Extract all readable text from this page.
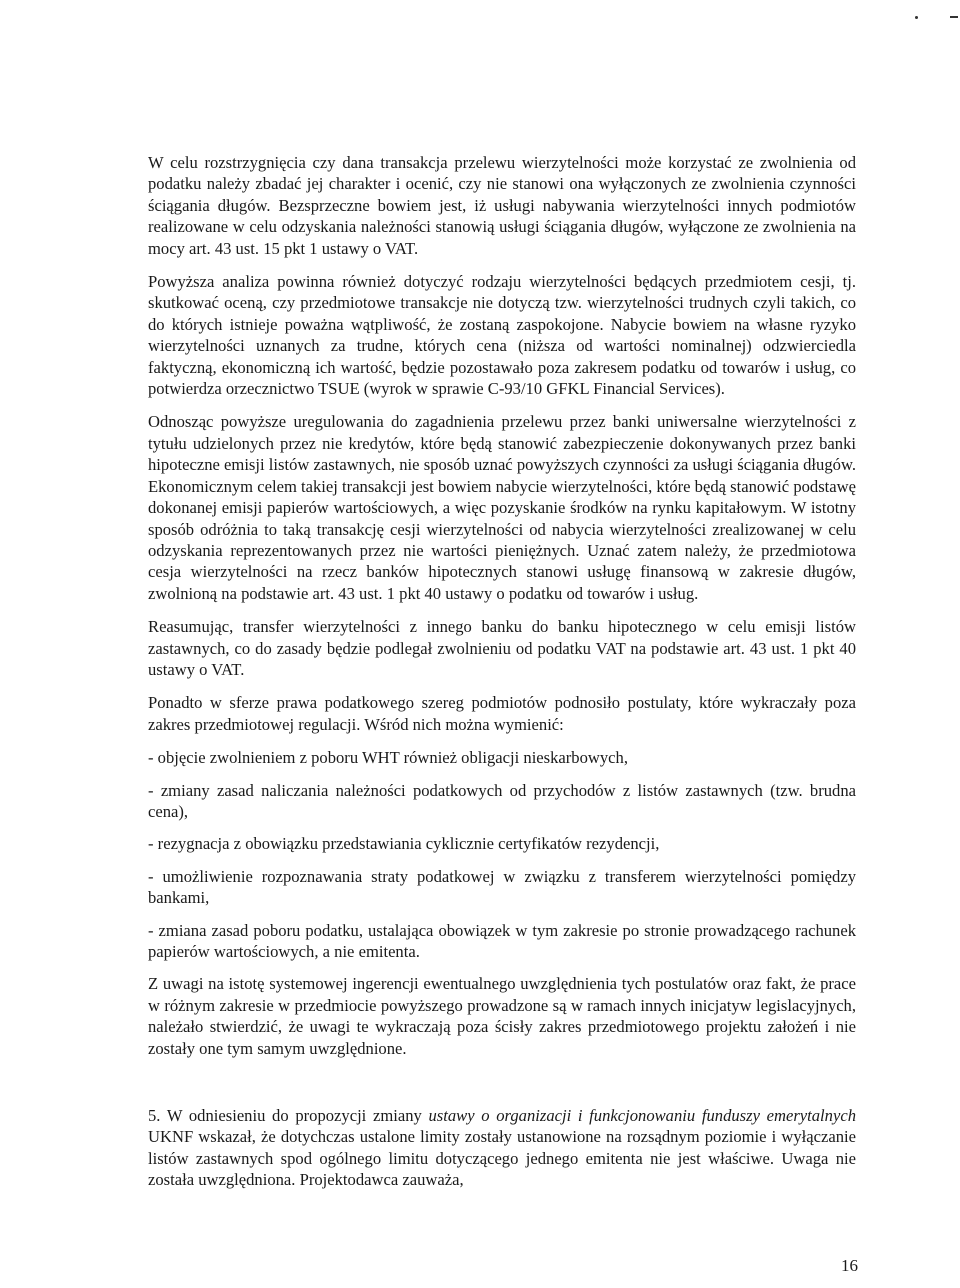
W celu rozstrzygnięcia czy dana transakcja przelewu wierzytelności może korzystać ze zwolnienia od podatku należy zbadać jej charakter i ocenić, czy nie stanowi ona wyłączonych ze zwolnienia czynności ściągania długów. Bezsprzeczne bowiem jest, iż usługi nabywania wierzytelności innych podmiotów realizowane w celu odzyskania należności stanowią usługi ściągania długów, wyłączone ze zwolnienia na mocy art. 43 ust. 15 pkt 1 ustawy o VAT.

Powyższa analiza powinna również dotyczyć rodzaju wierzytelności będących przedmiotem cesji, tj. skutkować oceną, czy przedmiotowe transakcje nie dotyczą tzw. wierzytelności trudnych czyli takich, co do których istnieje poważna wątpliwość, że zostaną zaspokojone. Nabycie bowiem na własne ryzyko wierzytelności uznanych za trudne, których cena (niższa od wartości nominalnej) odzwierciedla faktyczną, ekonomiczną ich wartość, będzie pozostawało poza zakresem podatku od towarów i usług, co potwierdza orzecznictwo TSUE (wyrok w sprawie C-93/10 GFKL Financial Services).

Odnosząc powyższe uregulowania do zagadnienia przelewu przez banki uniwersalne wierzytelności z tytułu udzielonych przez nie kredytów, które będą stanowić zabezpieczenie dokonywanych przez banki hipoteczne emisji listów zastawnych, nie sposób uznać powyższych czynności za usługi ściągania długów. Ekonomicznym celem takiej transakcji jest bowiem nabycie wierzytelności, które będą stanowić podstawę dokonanej emisji papierów wartościowych, a więc pozyskanie środków na rynku kapitałowym. W istotny sposób odróżnia to taką transakcję cesji wierzytelności od nabycia wierzytelności zrealizowanej w celu odzyskania reprezentowanych przez nie wartości pieniężnych. Uznać zatem należy, że przedmiotowa cesja wierzytelności na rzecz banków hipotecznych stanowi usługę finansową w zakresie długów, zwolnioną na podstawie art. 43 ust. 1 pkt 40 ustawy o podatku od towarów i usług.

Reasumując, transfer wierzytelności z innego banku do banku hipotecznego w celu emisji listów zastawnych, co do zasady będzie podlegał zwolnieniu od podatku VAT na podstawie art. 43 ust. 1 pkt 40 ustawy o VAT.

Ponadto w sferze prawa podatkowego szereg podmiotów podnosiło postulaty, które wykraczały poza zakres przedmiotowej regulacji. Wśród nich można wymienić:

- objęcie zwolnieniem z poboru WHT również obligacji nieskarbowych,

- zmiany zasad naliczania należności podatkowych od przychodów z listów zastawnych (tzw. brudna cena),

- rezygnacja z obowiązku przedstawiania cyklicznie certyfikatów rezydencji,

- umożliwienie rozpoznawania straty podatkowej w związku z transferem wierzytelności pomiędzy bankami,

- zmiana zasad poboru podatku, ustalająca obowiązek w tym zakresie po stronie prowadzącego rachunek papierów wartościowych, a nie emitenta.

Z uwagi na istotę systemowej ingerencji ewentualnego uwzględnienia tych postulatów oraz fakt, że prace w różnym zakresie w przedmiocie powyższego prowadzone są w ramach innych inicjatyw legislacyjnych, należało stwierdzić, że uwagi te wykraczają poza ścisły zakres przedmiotowego projektu założeń i nie zostały one tym samym uwzględnione.

5. W odniesieniu do propozycji zmiany ustawy o organizacji i funkcjonowaniu funduszy emerytalnych UKNF wskazał, że dotychczas ustalone limity zostały ustanowione na rozsądnym poziomie i wyłączanie listów zastawnych spod ogólnego limitu dotyczącego jednego emitenta nie jest właściwe. Uwaga nie została uwzględniona. Projektodawca zauważa,

16
